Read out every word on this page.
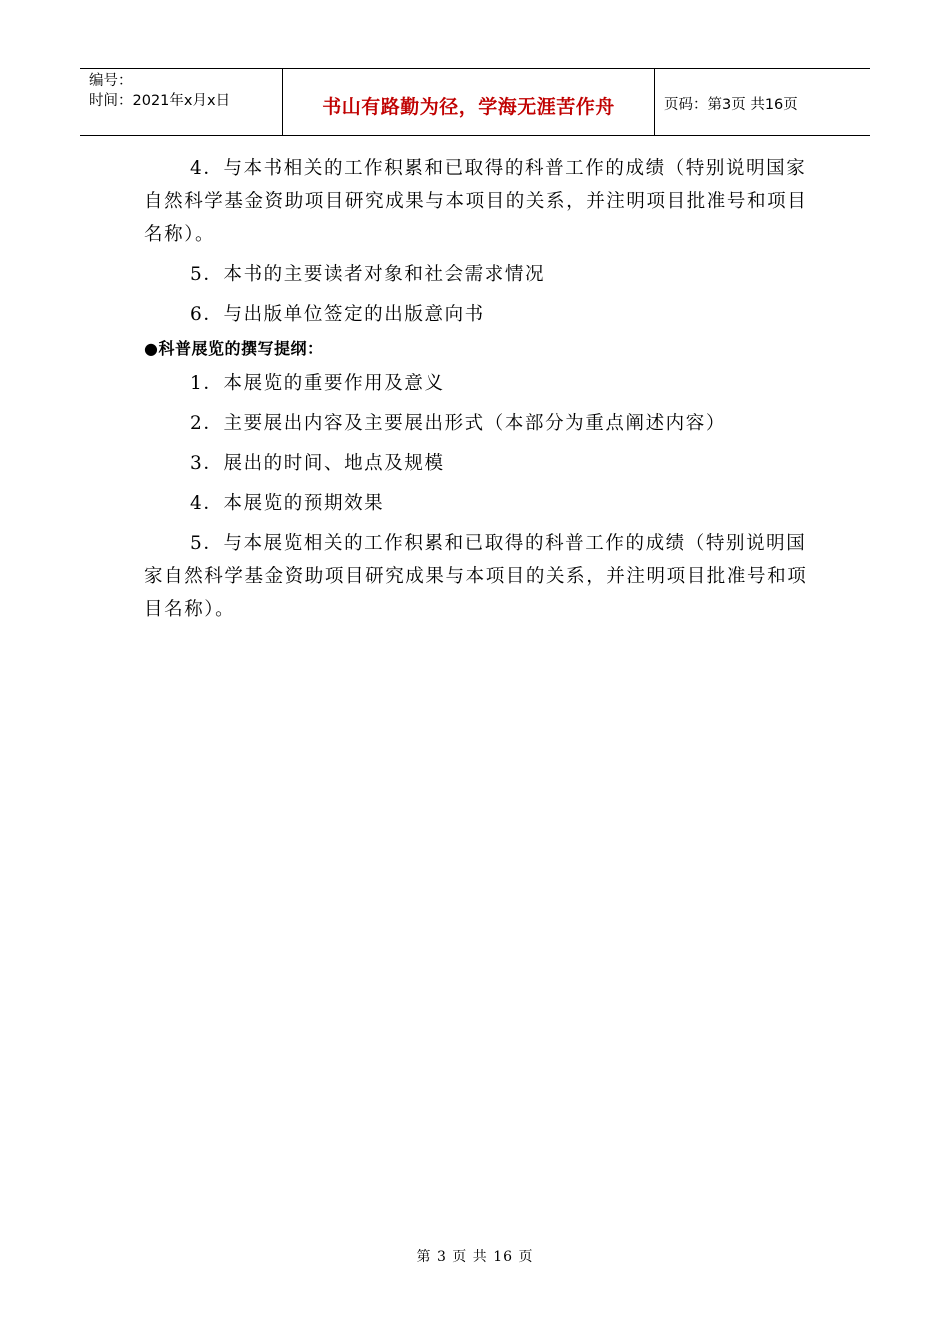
编号：
时间：2021年x月x日	书山有路勤为径，学海无涯苦作舟	页码：第3页 共16页

4．与本书相关的工作积累和已取得的科普工作的成绩（特别说明国家自然科学基金资助项目研究成果与本项目的关系，并注明项目批准号和项目名称）。

5．本书的主要读者对象和社会需求情况

6．与出版单位签定的出版意向书

●科普展览的撰写提纲：

1．本展览的重要作用及意义

2．主要展出内容及主要展出形式（本部分为重点阐述内容）

3．展出的时间、地点及规模

4．本展览的预期效果

5．与本展览相关的工作积累和已取得的科普工作的成绩（特别说明国家自然科学基金资助项目研究成果与本项目的关系，并注明项目批准号和项目名称）。

第 3 页 共 16 页
